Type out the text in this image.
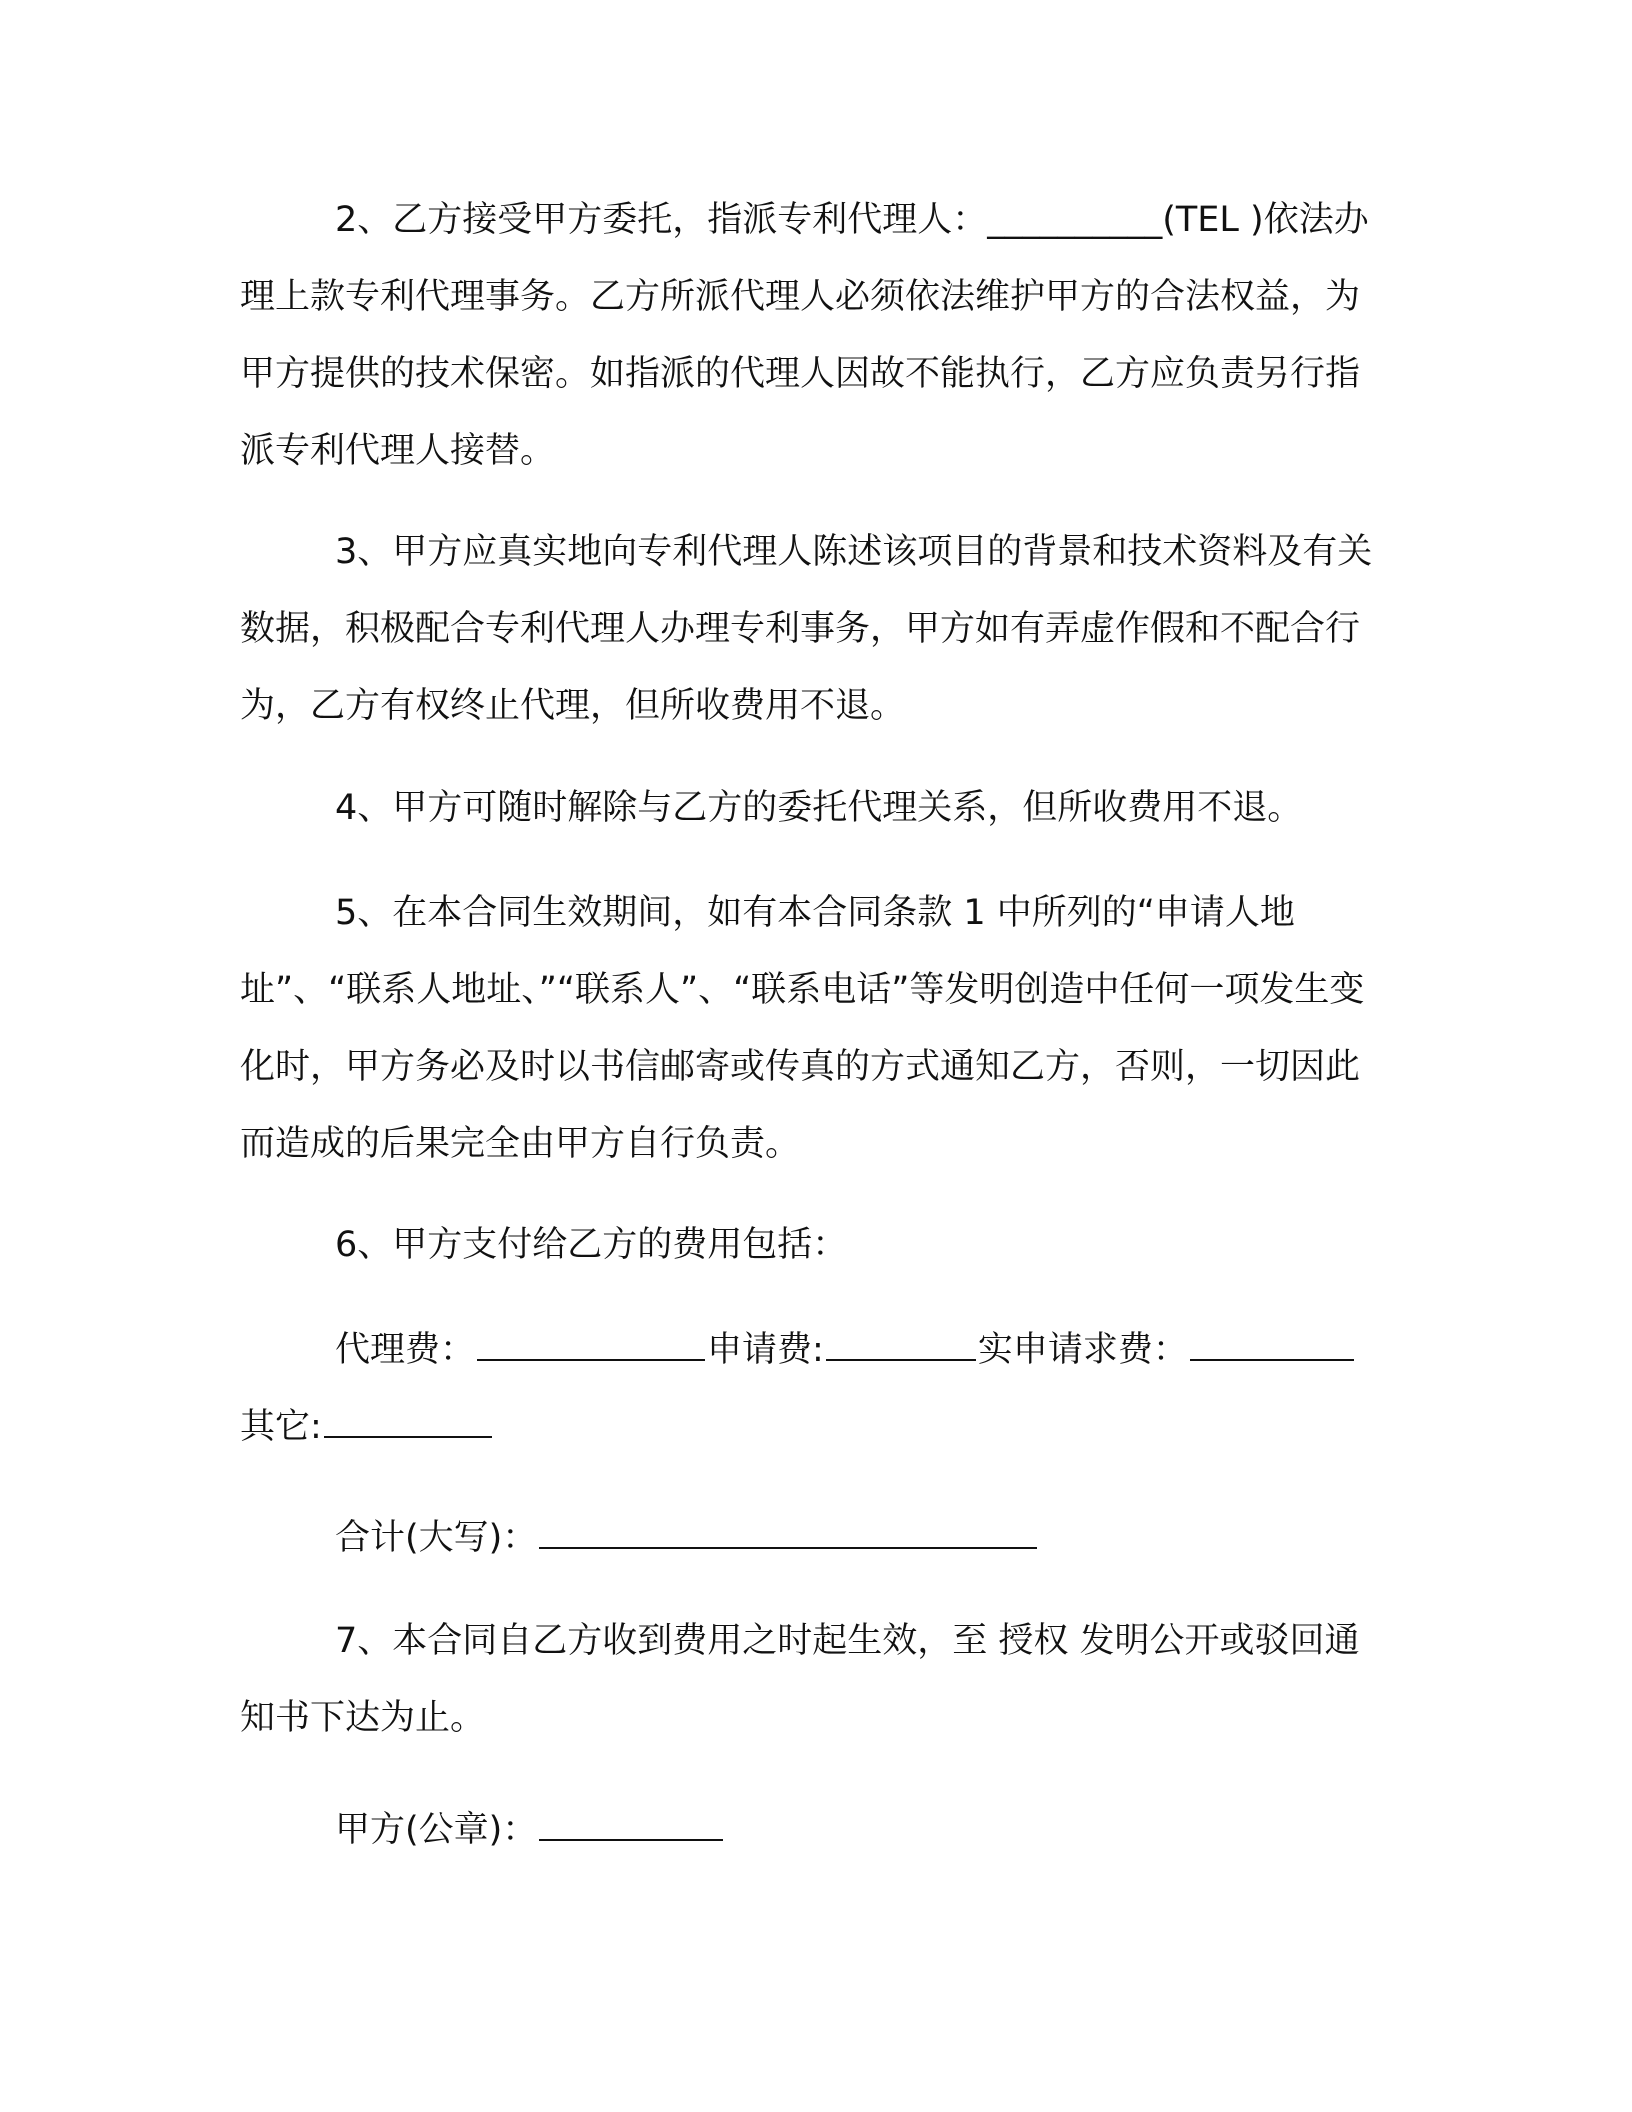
2、乙方接受甲方委托，指派专利代理人：__________(TEL )依法办理上款专利代理事务。乙方所派代理人必须依法维护甲方的合法权益，为甲方提供的技术保密。如指派的代理人因故不能执行，乙方应负责另行指派专利代理人接替。

3、甲方应真实地向专利代理人陈述该项目的背景和技术资料及有关数据，积极配合专利代理人办理专利事务，甲方如有弄虚作假和不配合行为，乙方有权终止代理，但所收费用不退。

4、甲方可随时解除与乙方的委托代理关系，但所收费用不退。

5、在本合同生效期间，如有本合同条款 1 中所列的“申请人地址”、“联系人地址、”“联系人”、“联系电话”等发明创造中任何一项发生变化时，甲方务必及时以书信邮寄或传真的方式通知乙方，否则，一切因此而造成的后果完全由甲方自行负责。

6、甲方支付给乙方的费用包括：

代理费：	申请费:	实申请求费：其它:

合计(大写)：

7、本合同自乙方收到费用之时起生效，至 授权 发明公开或驳回通知书下达为止。

甲方(公章)：
